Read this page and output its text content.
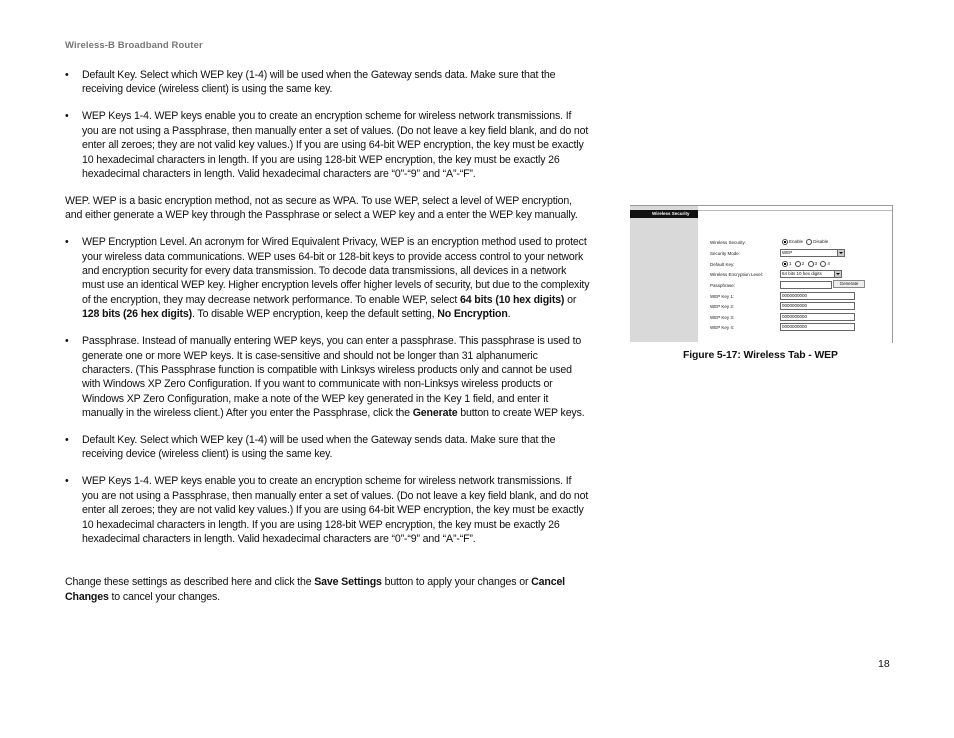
Wireless-B Broadband Router
• Default Key. Select which WEP key (1-4) will be used when the Gateway sends data. Make sure that the receiving device (wireless client) is using the same key.
• WEP Keys 1-4. WEP keys enable you to create an encryption scheme for wireless network transmissions. If you are not using a Passphrase, then manually enter a set of values. (Do not leave a key field blank, and do not enter all zeroes; they are not valid key values.) If you are using 64-bit WEP encryption, the key must be exactly 10 hexadecimal characters in length. If you are using 128-bit WEP encryption, the key must be exactly 26 hexadecimal characters in length. Valid hexadecimal characters are “0”-“9” and “A”-“F”.
WEP. WEP is a basic encryption method, not as secure as WPA. To use WEP, select a level of WEP encryption, and either generate a WEP key through the Passphrase or select a WEP key and a enter the WEP key manually.
• WEP Encryption Level. An acronym for Wired Equivalent Privacy, WEP is an encryption method used to protect your wireless data communications. WEP uses 64-bit or 128-bit keys to provide access control to your network and encryption security for every data transmission. To decode data transmissions, all devices in a network must use an identical WEP key. Higher encryption levels offer higher levels of security, but due to the complexity of the encryption, they may decrease network performance. To enable WEP, select 64 bits (10 hex digits) or 128 bits (26 hex digits). To disable WEP encryption, keep the default setting, No Encryption.
• Passphrase. Instead of manually entering WEP keys, you can enter a passphrase. This passphrase is used to generate one or more WEP keys. It is case-sensitive and should not be longer than 31 alphanumeric characters. (This Passphrase function is compatible with Linksys wireless products only and cannot be used with Windows XP Zero Configuration. If you want to communicate with non-Linksys wireless products or Windows XP Zero Configuration, make a note of the WEP key generated in the Key 1 field, and enter it manually in the wireless client.) After you enter the Passphrase, click the Generate button to create WEP keys.
• Default Key. Select which WEP key (1-4) will be used when the Gateway sends data. Make sure that the receiving device (wireless client) is using the same key.
• WEP Keys 1-4. WEP keys enable you to create an encryption scheme for wireless network transmissions. If you are not using a Passphrase, then manually enter a set of values. (Do not leave a key field blank, and do not enter all zeroes; they are not valid key values.) If you are using 64-bit WEP encryption, the key must be exactly 10 hexadecimal characters in length. If you are using 128-bit WEP encryption, the key must be exactly 26 hexadecimal characters in length. Valid hexadecimal characters are “0”-“9” and “A”-“F”.
Change these settings as described here and click the Save Settings button to apply your changes or Cancel Changes to cancel your changes.
Wireless Security
Wireless Security:	Enable Disable
Security Mode:	WEP
Default Key:	1 2 3 4
Wireless Encryption Level:	64 bits 10 hex digits
Passphrase:	Generate
WEP Key 1:	0000000000
WEP Key 2:	0000000000
WEP Key 3:	0000000000
WEP Key 4:	0000000000
Figure 5-17: Wireless Tab - WEP
18
